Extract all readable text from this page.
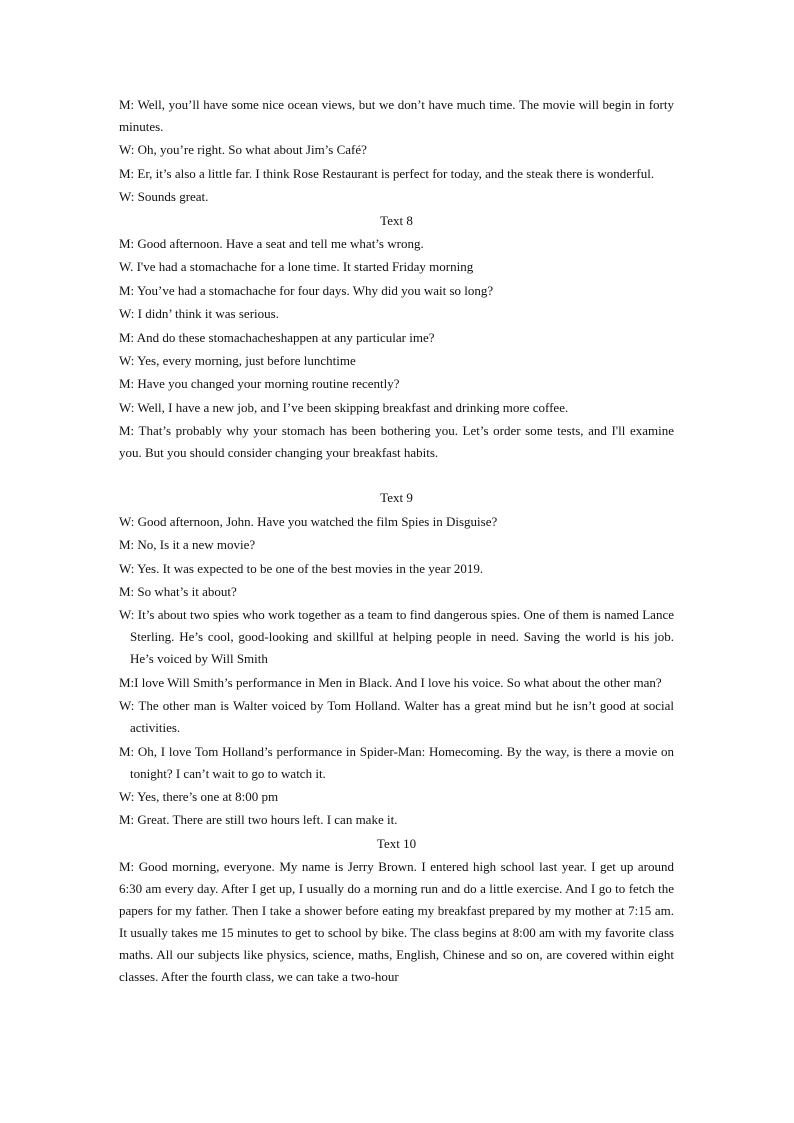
M: Well, you’ll have some nice ocean views, but we don’t have much time. The movie will begin in forty minutes.

W: Oh, you’re right. So what about Jim’s Café?

M: Er, it’s also a little far. I think Rose Restaurant is perfect for today, and the steak there is wonderful.

W: Sounds great.

Text 8

M: Good afternoon. Have a seat and tell me what’s wrong.

W. I've had a stomachache for a lone time. It started Friday morning

M: You’ve had a stomachache for four days. Why did you wait so long?

W: I didn’ think it was serious.

M: And do these stomachacheshappen at any particular ime?

W: Yes, every morning, just before lunchtime

M: Have you changed your morning routine recently?

W: Well, I have a new job, and I’ve been skipping breakfast and drinking more coffee.

M: That’s probably why your stomach has been bothering you. Let’s order some tests, and I'll examine you. But you should consider changing your breakfast habits.

Text 9

W: Good afternoon, John. Have you watched the film Spies in Disguise?

M: No, Is it a new movie?

W: Yes. It was expected to be one of the best movies in the year 2019.

M: So what’s it about?

W: It’s about two spies who work together as a team to find dangerous spies. One of them is named Lance Sterling. He’s cool, good-looking and skillful at helping people in need. Saving the world is his job. He’s voiced by Will Smith

M:I love Will Smith’s performance in Men in Black. And I love his voice. So what about the other man?

W: The other man is Walter voiced by Tom Holland. Walter has a great mind but he isn’t good at social activities.

M: Oh, I love Tom Holland’s performance in Spider-Man: Homecoming. By the way, is there a movie on tonight? I can’t wait to go to watch it.

W: Yes, there’s one at 8:00 pm

M: Great. There are still two hours left. I can make it.

Text 10

M: Good morning, everyone. My name is Jerry Brown. I entered high school last year. I get up around 6:30 am every day. After I get up, I usually do a morning run and do a little exercise. And I go to fetch the papers for my father. Then I take a shower before eating my breakfast prepared by my mother at 7:15 am. It usually takes me 15 minutes to get to school by bike. The class begins at 8:00 am with my favorite class maths. All our subjects like physics, science, maths, English, Chinese and so on, are covered within eight classes. After the fourth class, we can take a two-hour
